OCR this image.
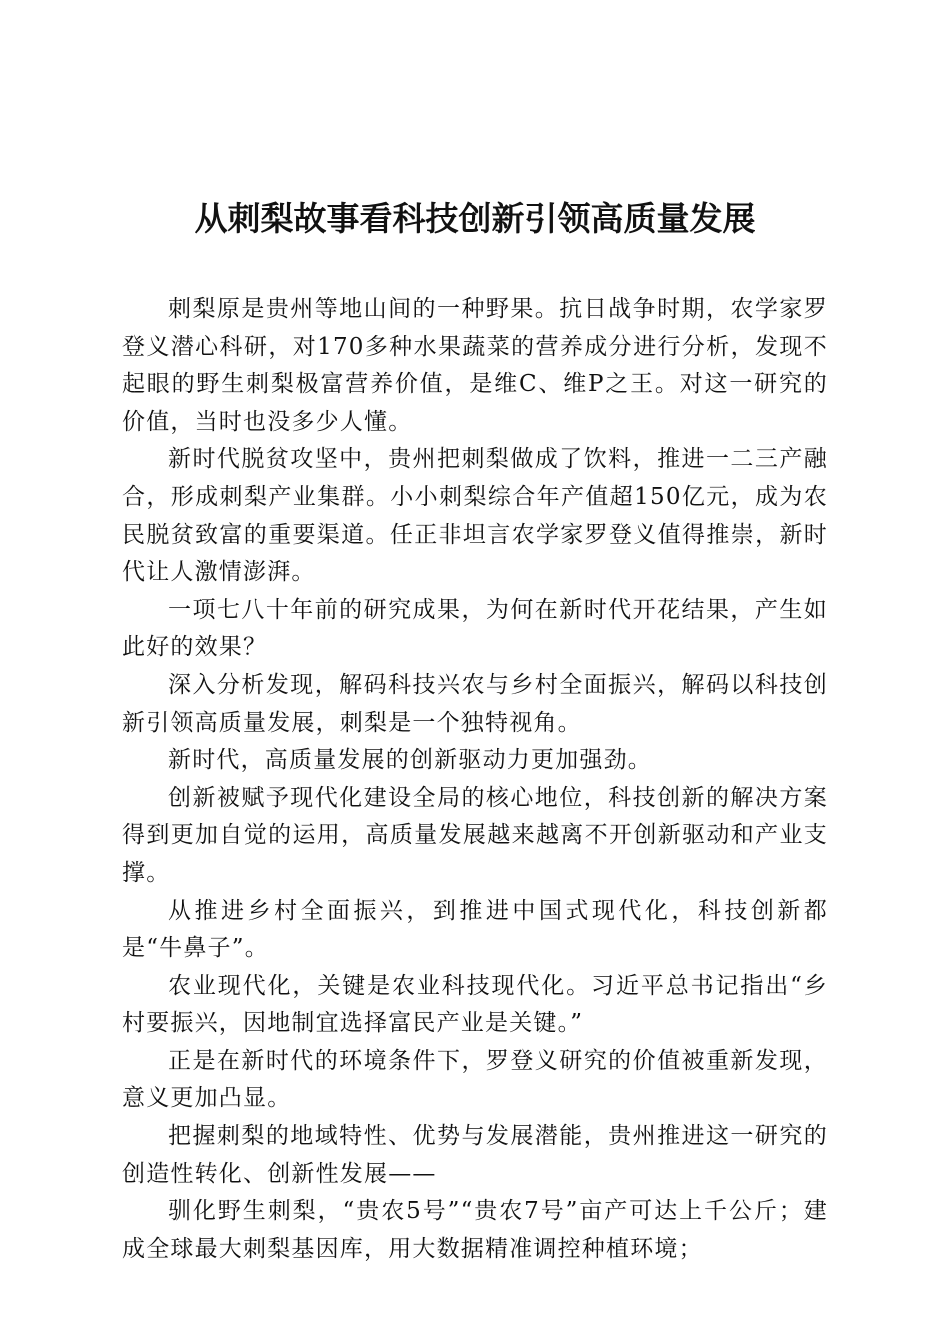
从刺梨故事看科技创新引领高质量发展

刺梨原是贵州等地山间的一种野果。抗日战争时期，农学家罗登义潜心科研，对170多种水果蔬菜的营养成分进行分析，发现不起眼的野生刺梨极富营养价值，是维C、维P之王。对这一研究的价值，当时也没多少人懂。

新时代脱贫攻坚中，贵州把刺梨做成了饮料，推进一二三产融合，形成刺梨产业集群。小小刺梨综合年产值超150亿元，成为农民脱贫致富的重要渠道。任正非坦言农学家罗登义值得推崇，新时代让人激情澎湃。

一项七八十年前的研究成果，为何在新时代开花结果，产生如此好的效果？

深入分析发现，解码科技兴农与乡村全面振兴，解码以科技创新引领高质量发展，刺梨是一个独特视角。

新时代，高质量发展的创新驱动力更加强劲。

创新被赋予现代化建设全局的核心地位，科技创新的解决方案得到更加自觉的运用，高质量发展越来越离不开创新驱动和产业支撑。

从推进乡村全面振兴，到推进中国式现代化，科技创新都是“牛鼻子”。

农业现代化，关键是农业科技现代化。习近平总书记指出“乡村要振兴，因地制宜选择富民产业是关键。”

正是在新时代的环境条件下，罗登义研究的价值被重新发现，意义更加凸显。

把握刺梨的地域特性、优势与发展潜能，贵州推进这一研究的创造性转化、创新性发展——

驯化野生刺梨，“贵农5号”“贵农7号”亩产可达上千公斤；建成全球最大刺梨基因库，用大数据精准调控种植环境；
